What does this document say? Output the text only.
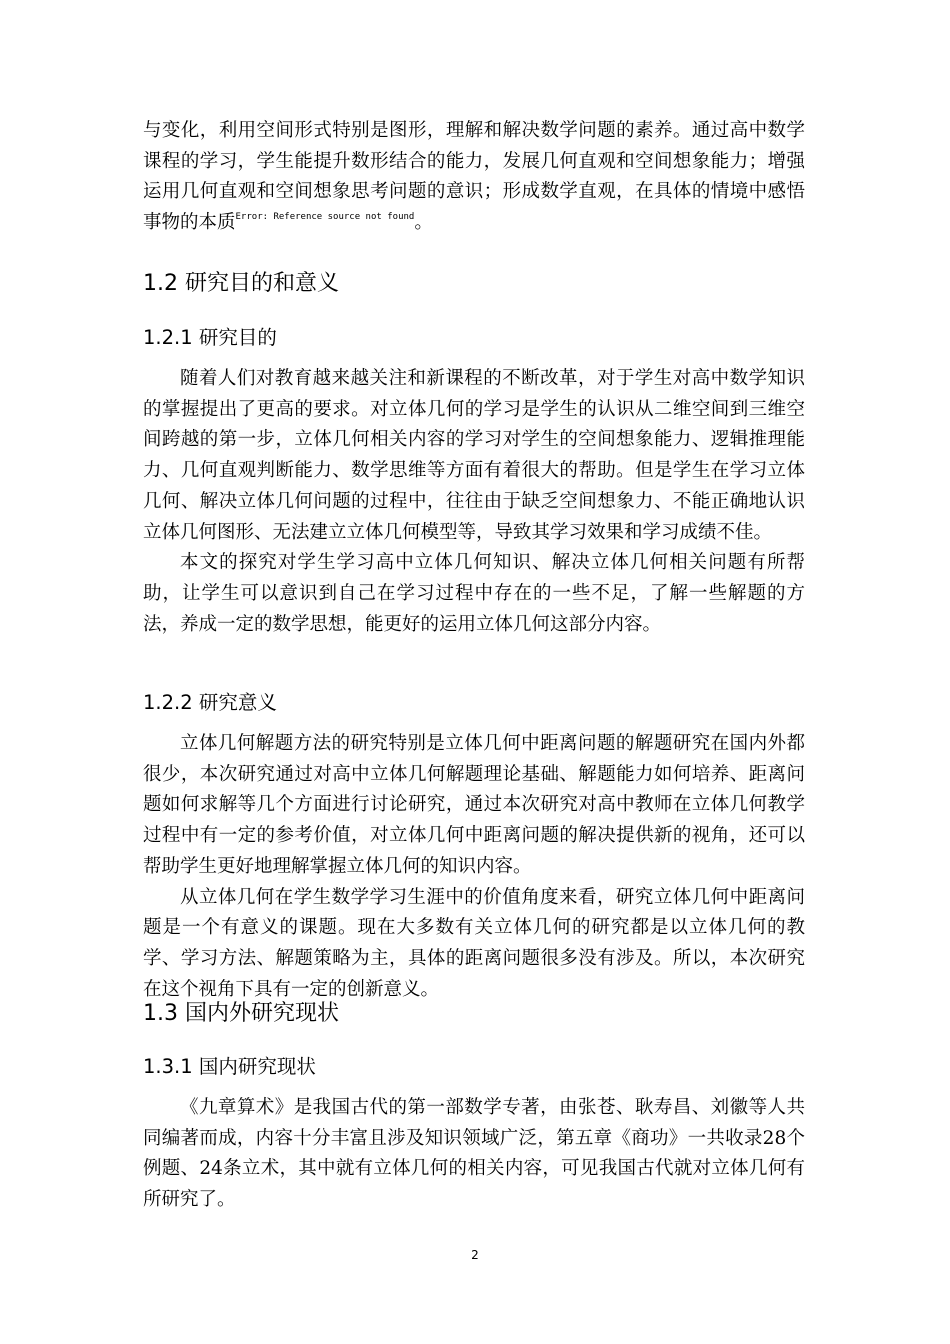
与变化，利用空间形式特别是图形，理解和解决数学问题的素养。通过高中数学课程的学习，学生能提升数形结合的能力，发展几何直观和空间想象能力；增强运用几何直观和空间想象思考问题的意识；形成数学直观，在具体的情境中感悟事物的本质$^{Error: Reference source not found}$。

1.2 研究目的和意义
1.2.1 研究目的

随着人们对教育越来越关注和新课程的不断改革，对于学生对高中数学知识的掌握提出了更高的要求。对立体几何的学习是学生的认识从二维空间到三维空间跨越的第一步，立体几何相关内容的学习对学生的空间想象能力、逻辑推理能力、几何直观判断能力、数学思维等方面有着很大的帮助。但是学生在学习立体几何、解决立体几何问题的过程中，往往由于缺乏空间想象力、不能正确地认识立体几何图形、无法建立立体几何模型等，导致其学习效果和学习成绩不佳。

本文的探究对学生学习高中立体几何知识、解决立体几何相关问题有所帮助，让学生可以意识到自己在学习过程中存在的一些不足，了解一些解题的方法，养成一定的数学思想，能更好的运用立体几何这部分内容。

1.2.2 研究意义

立体几何解题方法的研究特别是立体几何中距离问题的解题研究在国内外都很少，本次研究通过对高中立体几何解题理论基础、解题能力如何培养、距离问题如何求解等几个方面进行讨论研究，通过本次研究对高中教师在立体几何教学过程中有一定的参考价值，对立体几何中距离问题的解决提供新的视角，还可以帮助学生更好地理解掌握立体几何的知识内容。

从立体几何在学生数学学习生涯中的价值角度来看，研究立体几何中距离问题是一个有意义的课题。现在大多数有关立体几何的研究都是以立体几何的教学、学习方法、解题策略为主，具体的距离问题很多没有涉及。所以，本次研究在这个视角下具有一定的创新意义。

1.3 国内外研究现状
1.3.1 国内研究现状

《九章算术》是我国古代的第一部数学专著，由张苍、耿寿昌、刘徽等人共同编著而成，内容十分丰富且涉及知识领域广泛，第五章《商功》一共收录28个例题、24条立术，其中就有立体几何的相关内容，可见我国古代就对立体几何有所研究了。

2
